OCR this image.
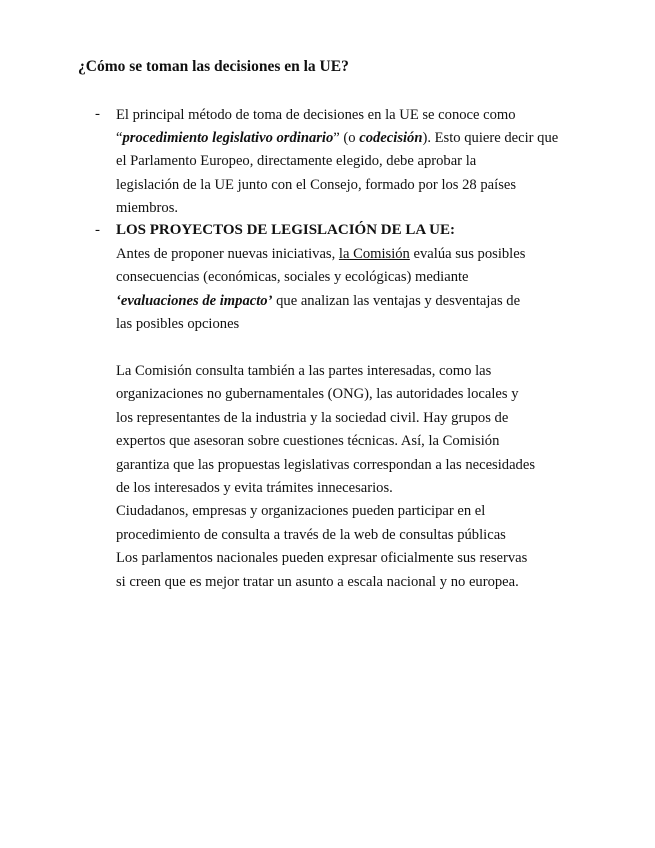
¿Cómo se toman las decisiones en la UE?
- El principal método de toma de decisiones en la UE se conoce como
“procedimiento legislativo ordinario” (o codecisión). Esto quiere decir que
el Parlamento Europeo, directamente elegido, debe aprobar la
legislación de la UE junto con el Consejo, formado por los 28 países
miembros.
- LOS PROYECTOS DE LEGISLACIÓN DE LA UE:
Antes de proponer nuevas iniciativas, la Comisión evalúa sus posibles
consecuencias (económicas, sociales y ecológicas) mediante
‘evaluaciones de impacto’ que analizan las ventajas y desventajas de
las posibles opciones
La Comisión consulta también a las partes interesadas, como las
organizaciones no gubernamentales (ONG), las autoridades locales y
los representantes de la industria y la sociedad civil. Hay grupos de
expertos que asesoran sobre cuestiones técnicas. Así, la Comisión
garantiza que las propuestas legislativas correspondan a las necesidades
de los interesados y evita trámites innecesarios.
Ciudadanos, empresas y organizaciones pueden participar en el
procedimiento de consulta a través de la web de consultas públicas
Los parlamentos nacionales pueden expresar oficialmente sus reservas
si creen que es mejor tratar un asunto a escala nacional y no europea.
